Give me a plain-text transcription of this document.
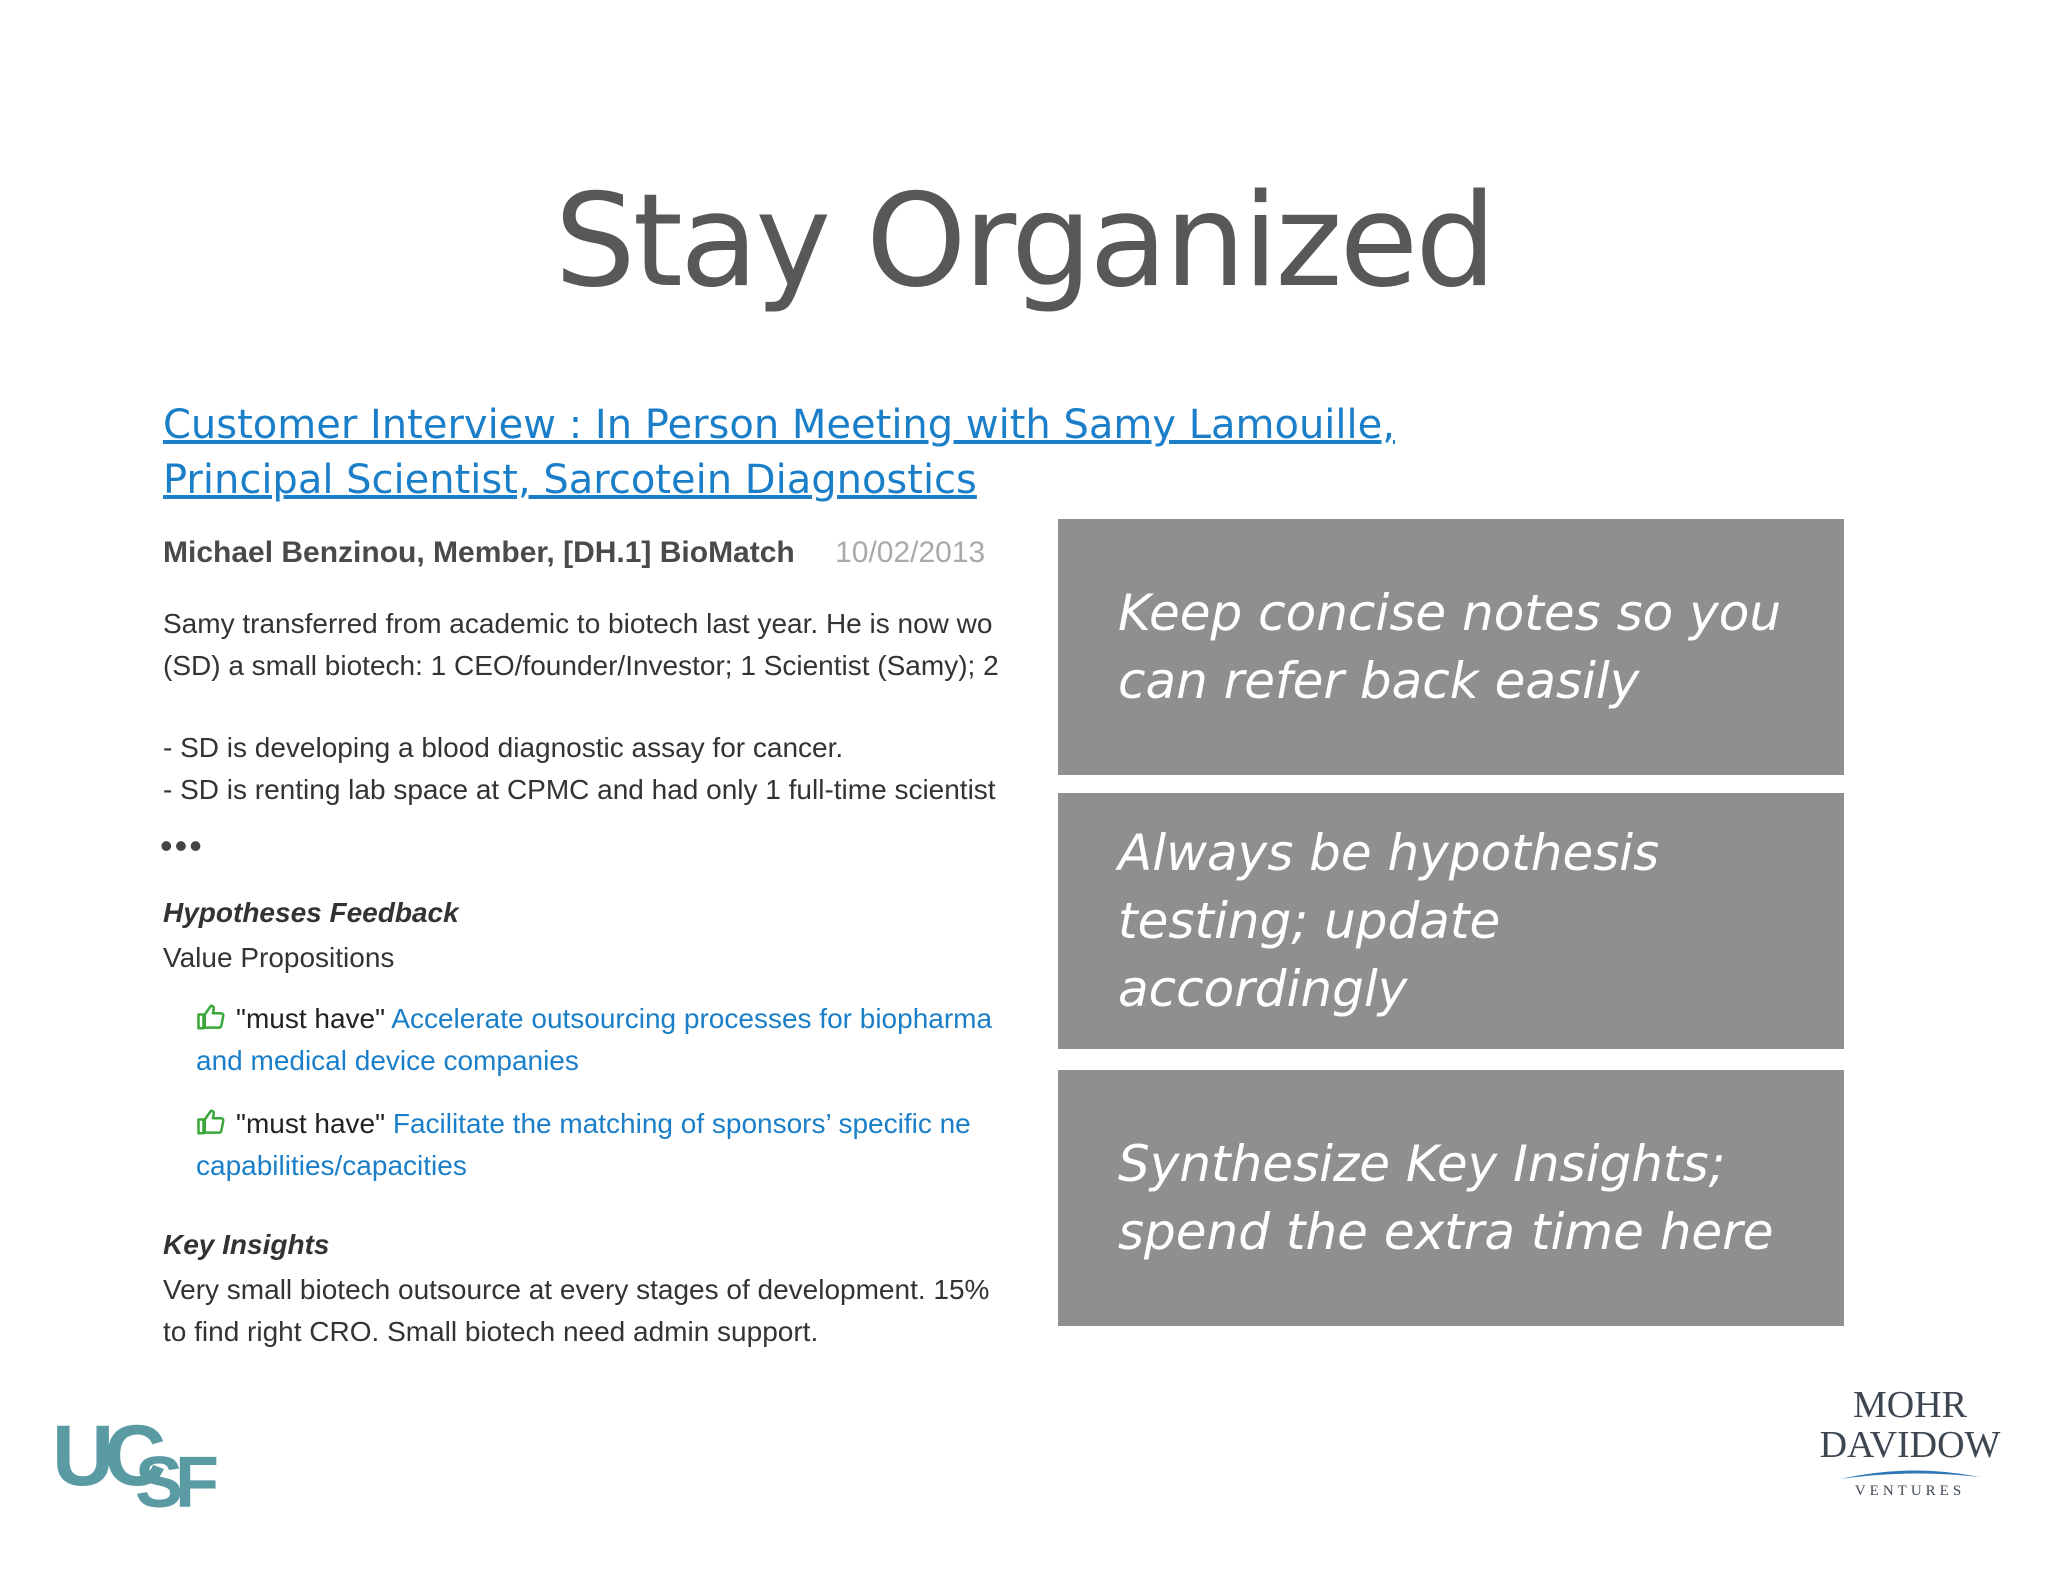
Stay Organized
Customer Interview : In Person Meeting with Samy Lamouille,
Principal Scientist, Sarcotein Diagnostics
Michael Benzinou, Member, [DH.1] BioMatch 10/02/2013
Samy transferred from academic to biotech last year. He is now wo
(SD) a small biotech: 1 CEO/founder/Investor; 1 Scientist (Samy); 2
- SD is developing a blood diagnostic assay for cancer.
- SD is renting lab space at CPMC and had only 1 full-time scientist
•••
Hypotheses Feedback
Value Propositions
"must have" Accelerate outsourcing processes for biopharma
and medical device companies
"must have" Facilitate the matching of sponsors’ specific ne
capabilities/capacities
Key Insights
Very small biotech outsource at every stages of development. 15%
to find right CRO. Small biotech need admin support.
Keep concise notes so you can refer back easily
Always be hypothesis testing; update accordingly
Synthesize Key Insights; spend the extra time here
UC
SF
MOHR
DAVIDOW
VENTURES
